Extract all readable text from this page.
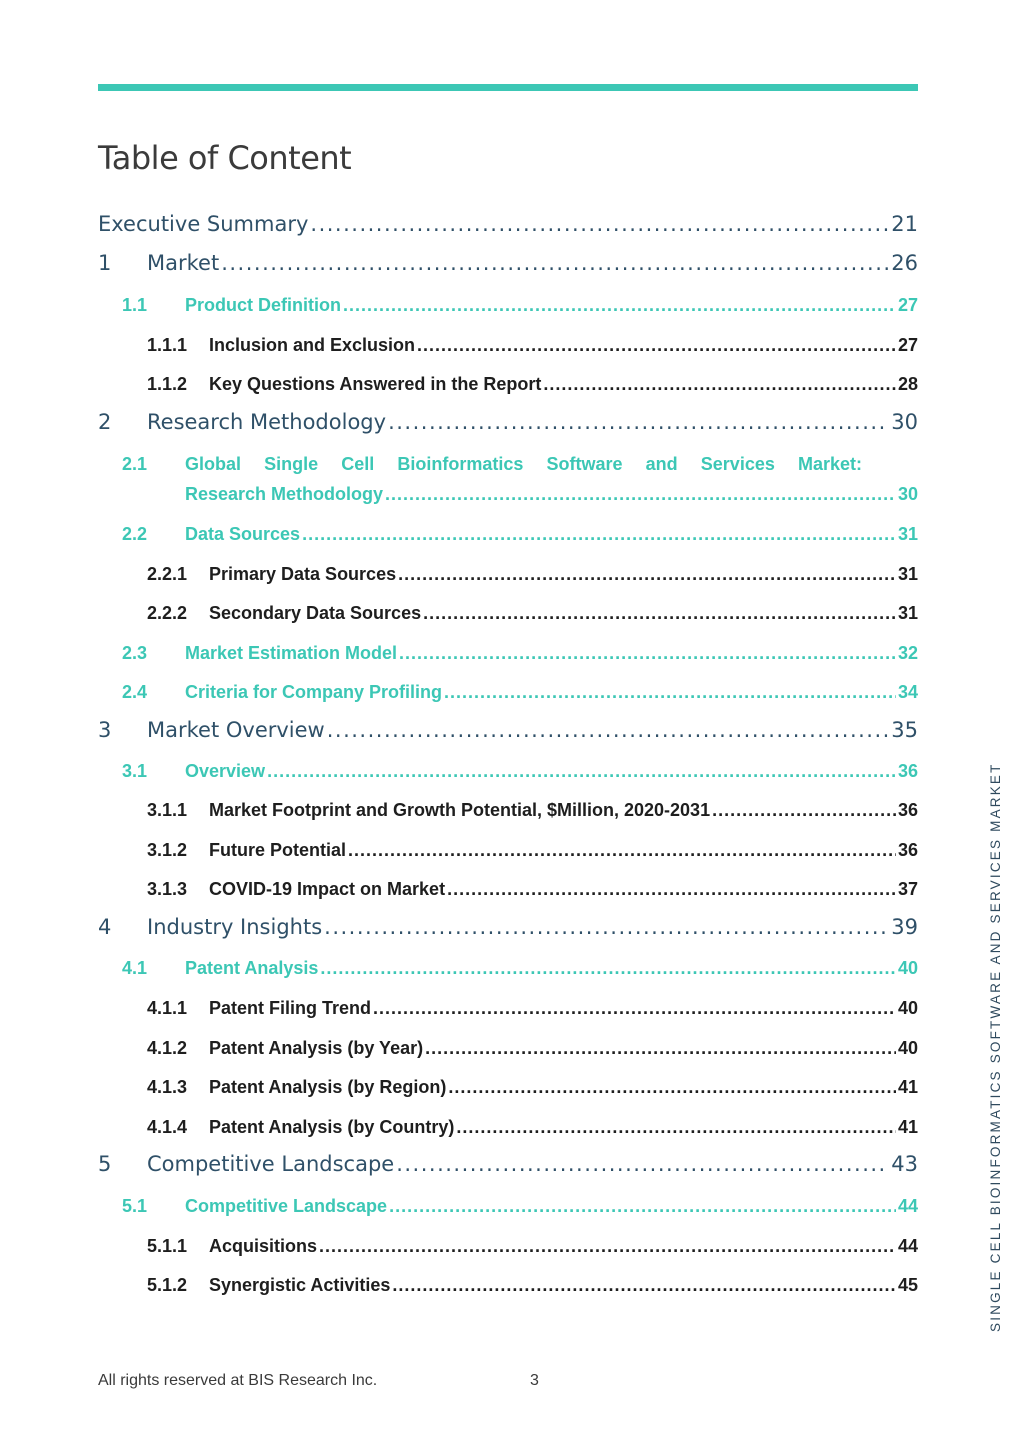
Table of Content
Executive Summary .....	21
1	Market .....	26
1.1	Product Definition .....	27
1.1.1	Inclusion and Exclusion .....	27
1.1.2	Key Questions Answered in the Report .....	28
2	Research Methodology .....	30
2.1	Global Single Cell Bioinformatics Software and Services Market:
Research Methodology .....	30
2.2	Data Sources .....	31
2.2.1	Primary Data Sources .....	31
2.2.2	Secondary Data Sources .....	31
2.3	Market Estimation Model .....	32
2.4	Criteria for Company Profiling .....	34
3	Market Overview .....	35
3.1	Overview .....	36
3.1.1	Market Footprint and Growth Potential, $Million, 2020-2031 .....	36
3.1.2	Future Potential .....	36
3.1.3	COVID-19 Impact on Market .....	37
4	Industry Insights .....	39
4.1	Patent Analysis .....	40
4.1.1	Patent Filing Trend .....	40
4.1.2	Patent Analysis (by Year) .....	40
4.1.3	Patent Analysis (by Region) .....	41
4.1.4	Patent Analysis (by Country) .....	41
5	Competitive Landscape .....	43
5.1	Competitive Landscape .....	44
5.1.1	Acquisitions .....	44
5.1.2	Synergistic Activities .....	45	SINGLE CELL BIOINFORMATICS SOFTWARE AND SERVICES MARKET
All rights reserved at BIS Research Inc.	3
